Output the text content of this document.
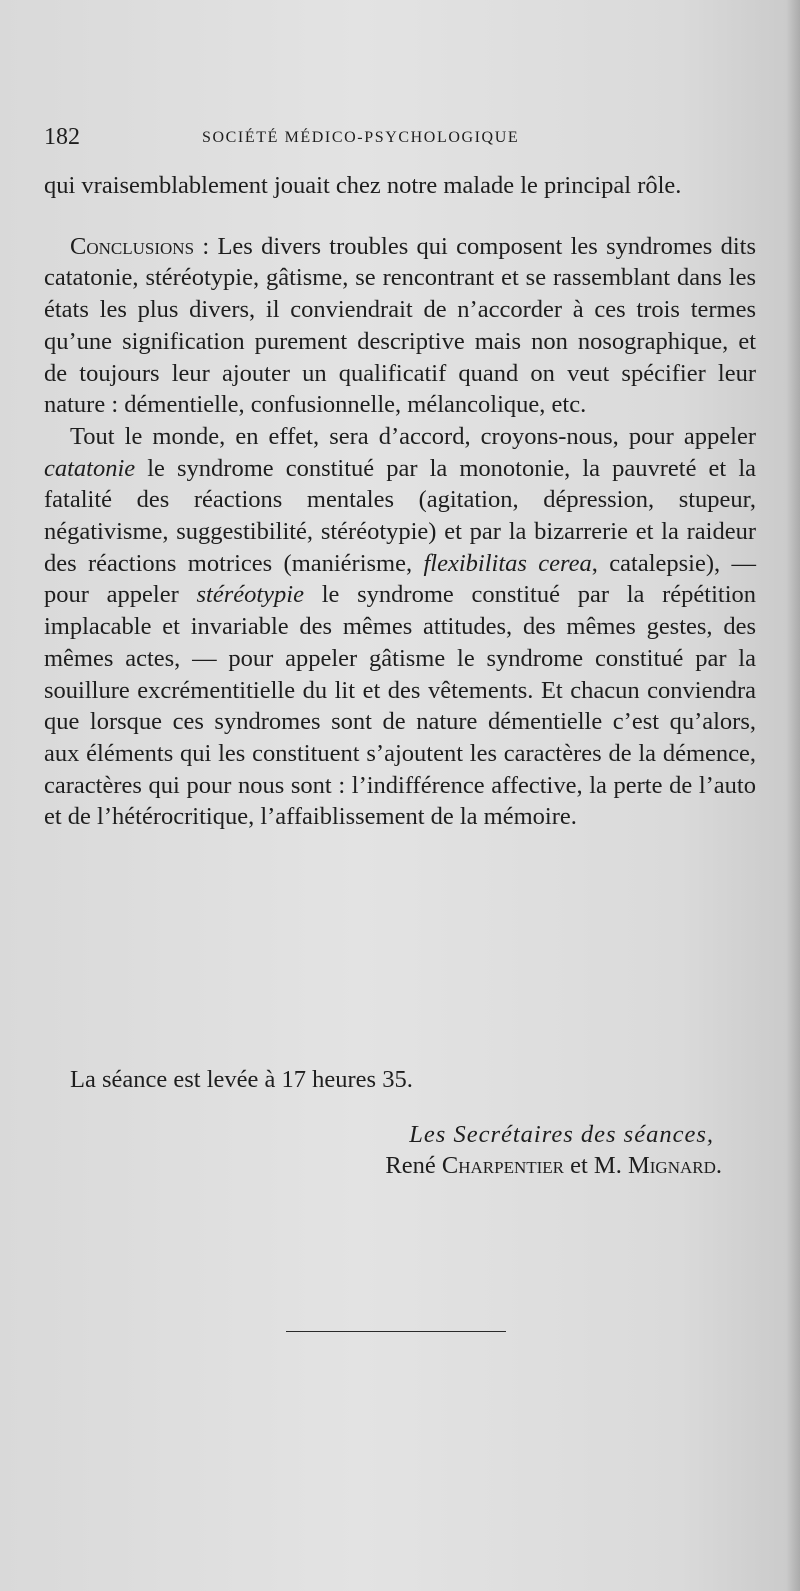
182	SOCIÉTÉ MÉDICO-PSYCHOLOGIQUE

qui vraisemblablement jouait chez notre malade le principal rôle.

Conclusions : Les divers troubles qui composent les syndromes dits catatonie, stéréotypie, gâtisme, se rencontrant et se rassemblant dans les états les plus divers, il conviendrait de n’accorder à ces trois termes qu’une signification purement descriptive mais non nosographique, et de toujours leur ajouter un qualificatif quand on veut spécifier leur nature : démentielle, confusionnelle, mélancolique, etc.

Tout le monde, en effet, sera d’accord, croyons-nous, pour appeler catatonie le syndrome constitué par la monotonie, la pauvreté et la fatalité des réactions mentales (agitation, dépression, stupeur, négativisme, suggestibilité, stéréotypie) et par la bizarrerie et la raideur des réactions motrices (maniérisme, flexibilitas cerea, catalepsie), — pour appeler stéréotypie le syndrome constitué par la répétition implacable et invariable des mêmes attitudes, des mêmes gestes, des mêmes actes, — pour appeler gâtisme le syndrome constitué par la souillure excrémentitielle du lit et des vêtements. Et chacun conviendra que lorsque ces syndromes sont de nature démentielle c’est qu’alors, aux éléments qui les constituent s’ajoutent les caractères de la démence, caractères qui pour nous sont : l’indifférence affective, la perte de l’auto et de l’hétérocritique, l’affaiblissement de la mémoire.

La séance est levée à 17 heures 35.

Les Secrétaires des séances,

René Charpentier et M. Mignard.
